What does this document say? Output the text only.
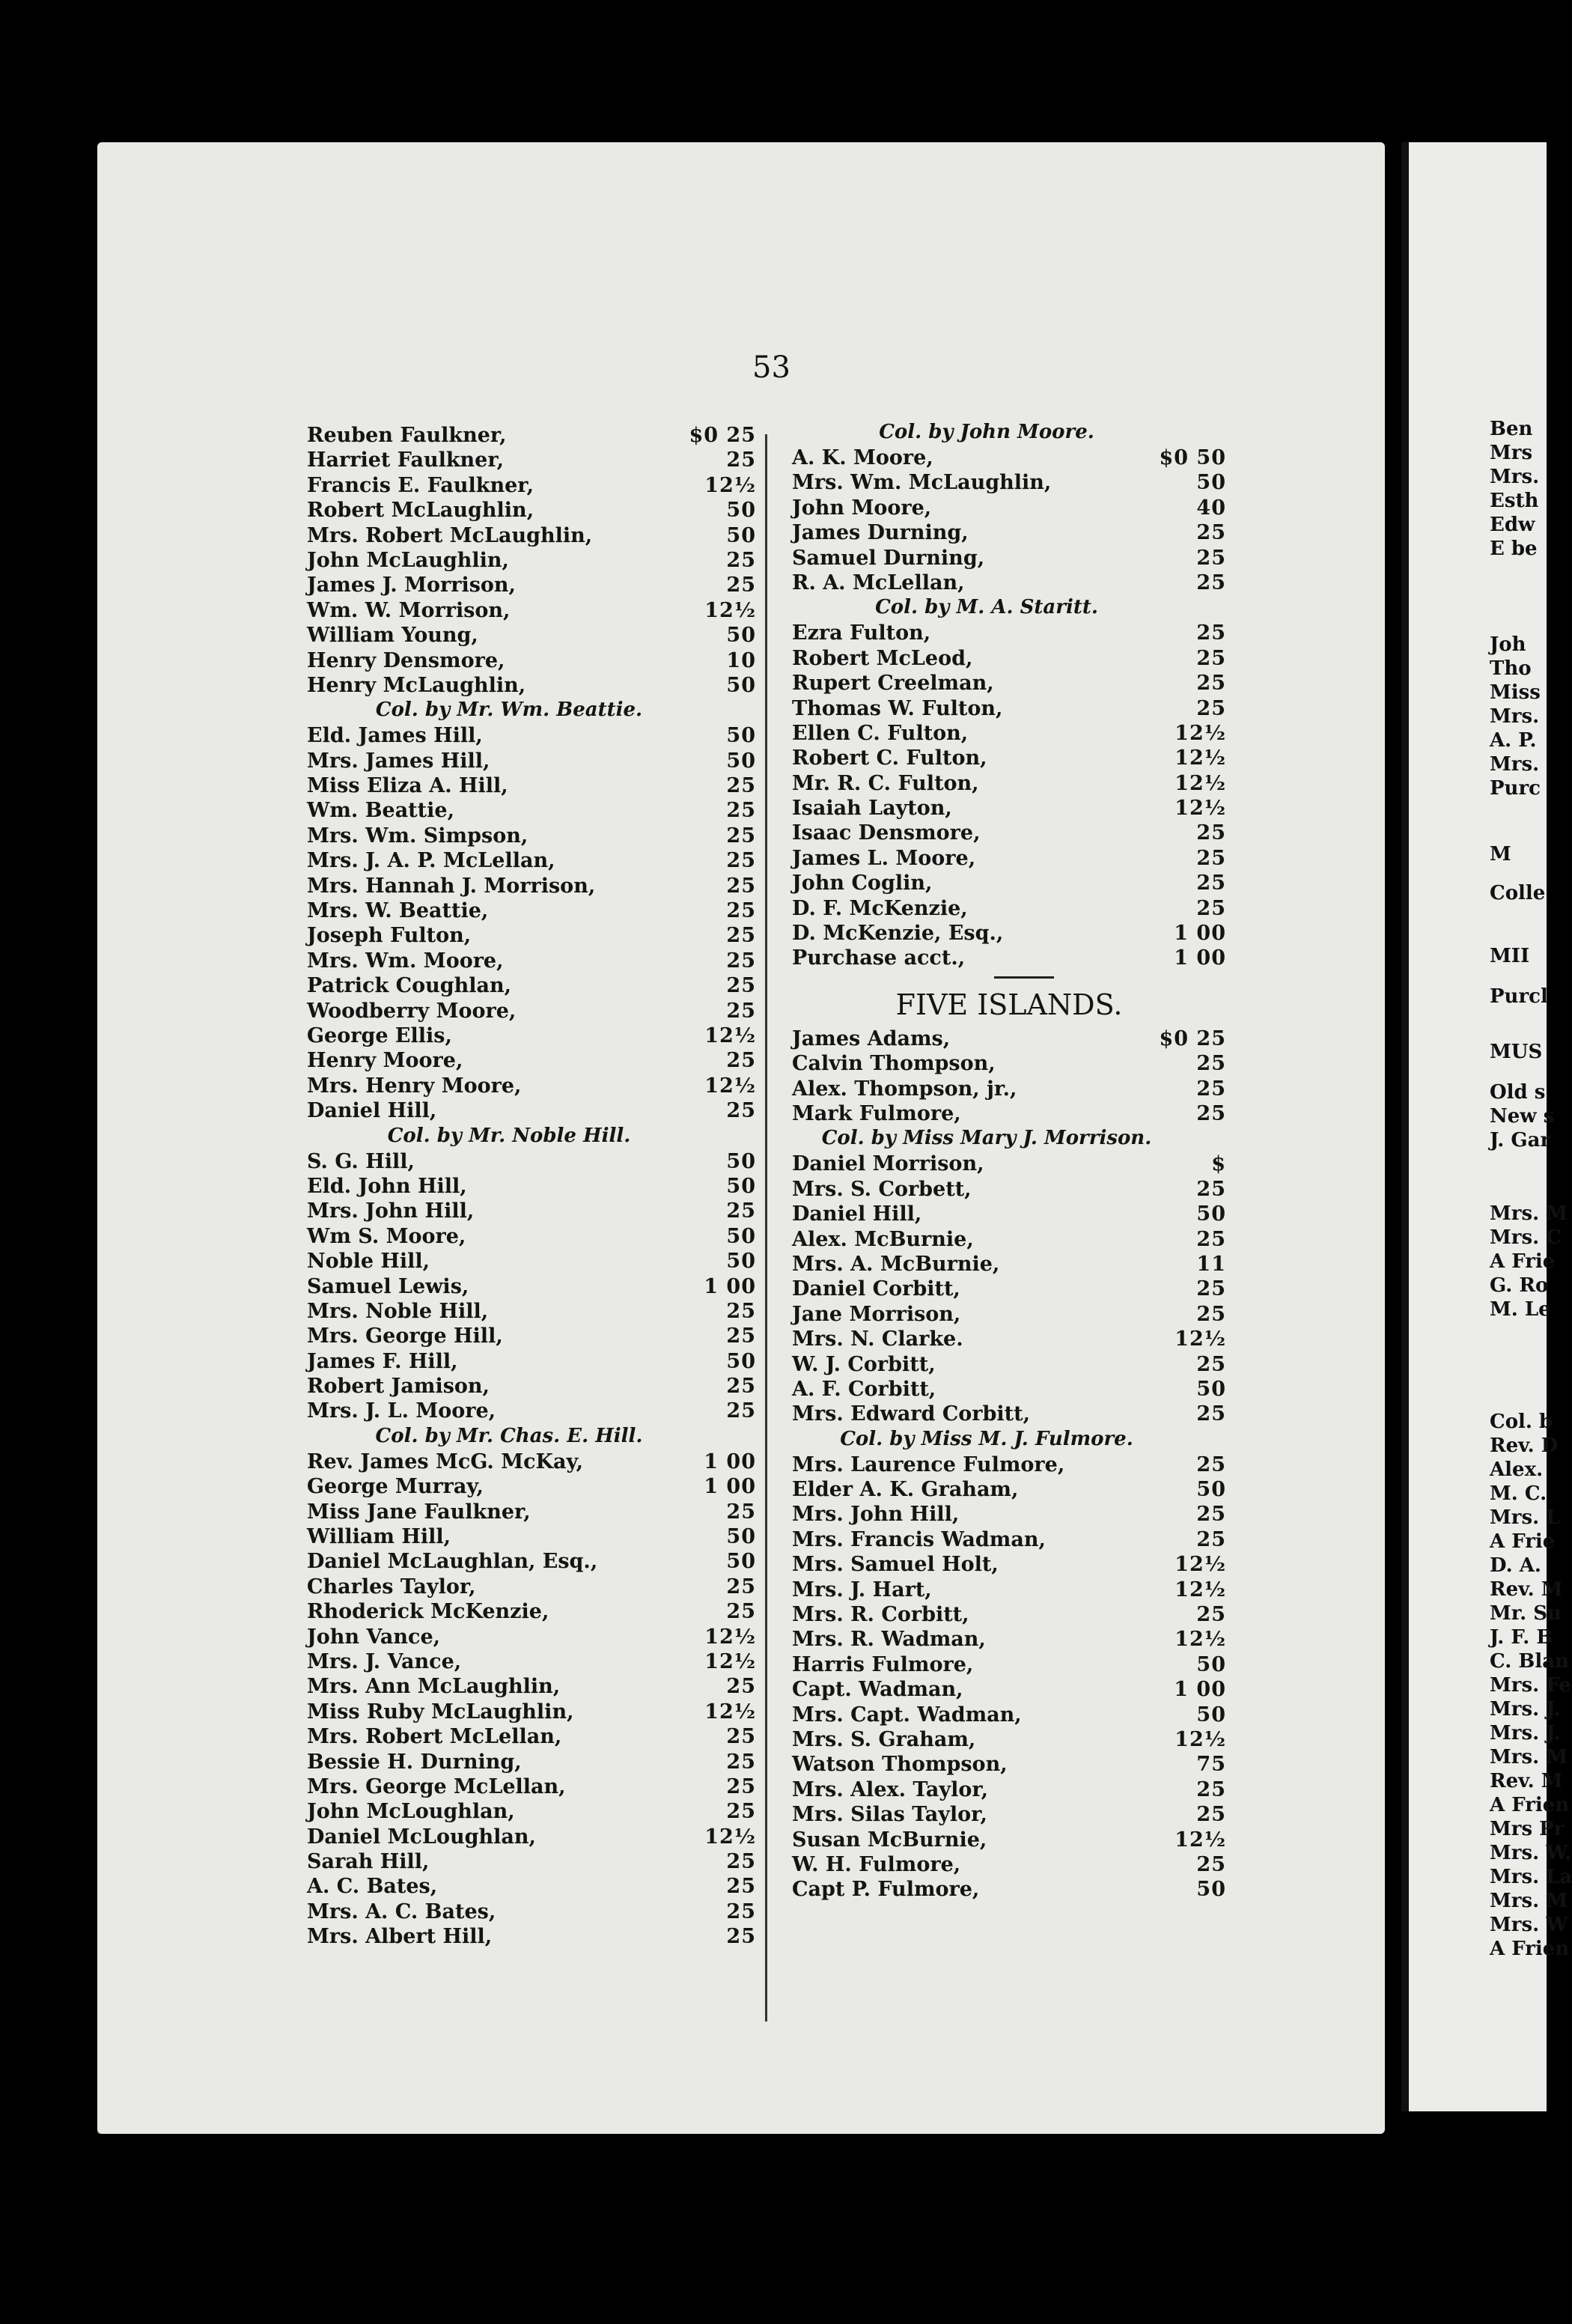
53
Reuben Faulkner,	$0 25
Harriet Faulkner,	25
Francis E. Faulkner,	12½
Robert McLaughlin,	50
Mrs. Robert McLaughlin,	50
John McLaughlin,	25
James J. Morrison,	25
Wm. W. Morrison,	12½
William Young,	50
Henry Densmore,	10
Henry McLaughlin,	50
Col. by Mr. Wm. Beattie.
Eld. James Hill,	50
Mrs. James Hill,	50
Miss Eliza A. Hill,	25
Wm. Beattie,	25
Mrs. Wm. Simpson,	25
Mrs. J. A. P. McLellan,	25
Mrs. Hannah J. Morrison,	25
Mrs. W. Beattie,	25
Joseph Fulton,	25
Mrs. Wm. Moore,	25
Patrick Coughlan,	25
Woodberry Moore,	25
George Ellis,	12½
Henry Moore,	25
Mrs. Henry Moore,	12½
Daniel Hill,	25
Col. by Mr. Noble Hill.
S. G. Hill,	50
Eld. John Hill,	50
Mrs. John Hill,	25
Wm S. Moore,	50
Noble Hill,	50
Samuel Lewis,	1 00
Mrs. Noble Hill,	25
Mrs. George Hill,	25
James F. Hill,	50
Robert Jamison,	25
Mrs. J. L. Moore,	25
Col. by Mr. Chas. E. Hill.
Rev. James McG. McKay,	1 00
George Murray,	1 00
Miss Jane Faulkner,	25
William Hill,	50
Daniel McLaughlan, Esq.,	50
Charles Taylor,	25
Rhoderick McKenzie,	25
John Vance,	12½
Mrs. J. Vance,	12½
Mrs. Ann McLaughlin,	25
Miss Ruby McLaughlin,	12½
Mrs. Robert McLellan,	25
Bessie H. Durning,	25
Mrs. George McLellan,	25
John McLoughlan,	25
Daniel McLoughlan,	12½
Sarah Hill,	25
A. C. Bates,	25
Mrs. A. C. Bates,	25
Mrs. Albert Hill,	25
Col. by John Moore.
A. K. Moore,	$0 50
Mrs. Wm. McLaughlin,	50
John Moore,	40
James Durning,	25
Samuel Durning,	25
R. A. McLellan,	25
Col. by M. A. Staritt.
Ezra Fulton,	25
Robert McLeod,	25
Rupert Creelman,	25
Thomas W. Fulton,	25
Ellen C. Fulton,	12½
Robert C. Fulton,	12½
Mr. R. C. Fulton,	12½
Isaiah Layton,	12½
Isaac Densmore,	25
James L. Moore,	25
John Coglin,	25
D. F. McKenzie,	25
D. McKenzie, Esq.,	1 00
Purchase acct.,	1 00
FIVE ISLANDS.
James Adams,	$0 25
Calvin Thompson,	25
Alex. Thompson, jr.,	25
Mark Fulmore,	25
Col. by Miss Mary J. Morrison.
Daniel Morrison,	$
Mrs. S. Corbett,	25
Daniel Hill,	50
Alex. McBurnie,	25
Mrs. A. McBurnie,	11
Daniel Corbitt,	25
Jane Morrison,	25
Mrs. N. Clarke.	12½
W. J. Corbitt,	25
A. F. Corbitt,	50
Mrs. Edward Corbitt,	25
Col. by Miss M. J. Fulmore.
Mrs. Laurence Fulmore,	25
Elder A. K. Graham,	50
Mrs. John Hill,	25
Mrs. Francis Wadman,	25
Mrs. Samuel Holt,	12½
Mrs. J. Hart,	12½
Mrs. R. Corbitt,	25
Mrs. R. Wadman,	12½
Harris Fulmore,	50
Capt. Wadman,	1 00
Mrs. Capt. Wadman,	50
Mrs. S. Graham,	12½
Watson Thompson,	75
Mrs. Alex. Taylor,	25
Mrs. Silas Taylor,	25
Susan McBurnie,	12½
W. H. Fulmore,	25
Capt P. Fulmore,	50
Ben
Mrs
Mrs.
Esth
Edw
E be
Joh
Tho
Miss
Mrs.
A. P.
Mrs.
Purc
M
Colle
MII
Purcl
MUS
Old s
New s
J. Gar
Mrs. M
Mrs. C
A Frie
G. Ro
M. Le
Col. b
Rev. D
Alex.
M. C.
Mrs. L
A Frie
D. A.
Rev. M
Mr. Su
J. F. B
C. Blan
Mrs. Fe
Mrs. J.
Mrs. J.
Mrs. M
Rev. M
A Frien
Mrs Pr
Mrs. W.
Mrs. La
Mrs. M
Mrs. W
A Frien
